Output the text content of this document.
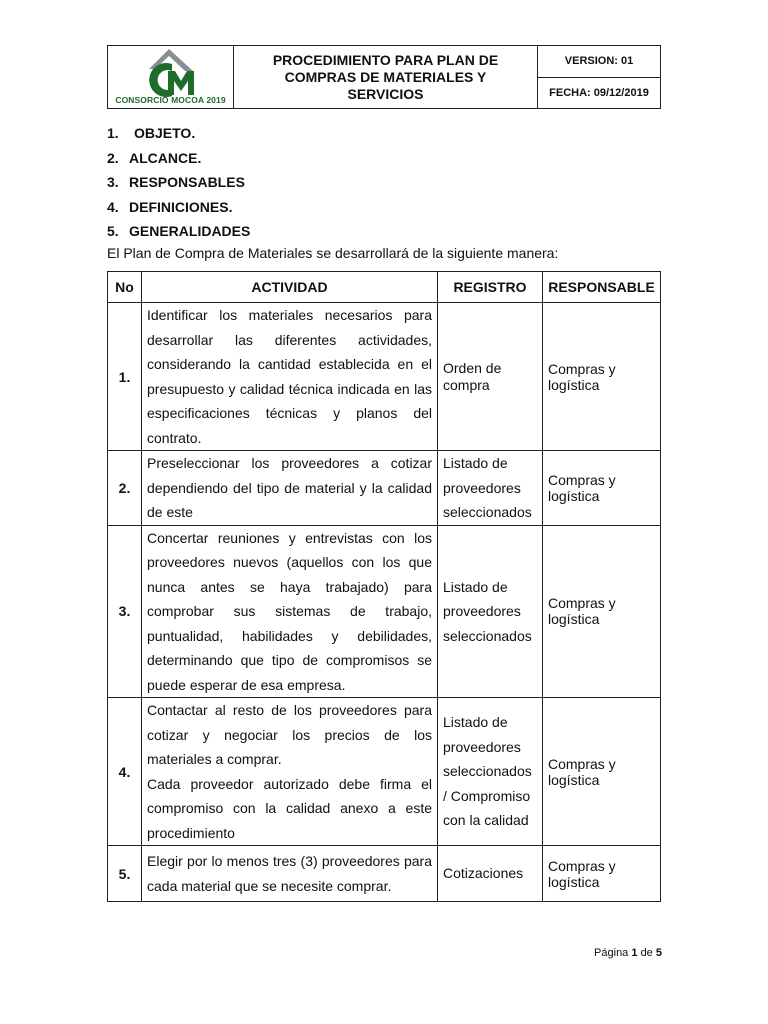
CONSORCIO MOCOA 2019
PROCEDIMIENTO PARA PLAN DE COMPRAS DE MATERIALES Y SERVICIOS
VERSION: 01
FECHA: 09/12/2019
1. OBJETO.
2. ALCANCE.
3. RESPONSABLES
4. DEFINICIONES.
5. GENERALIDADES
El Plan de Compra de Materiales se desarrollará de la siguiente manera:
No	ACTIVIDAD	REGISTRO	RESPONSABLE
1.	Identificar los materiales necesarios para desarrollar las diferentes actividades, considerando la cantidad establecida en el presupuesto y calidad técnica indicada en las especificaciones técnicas y planos del contrato.	Orden de compra	Compras y logística
2.	Preseleccionar los proveedores a cotizar dependiendo del tipo de material y la calidad de este	Listado de proveedores seleccionados	Compras y logística
3.	Concertar reuniones y entrevistas con los proveedores nuevos (aquellos con los que nunca antes se haya trabajado) para comprobar sus sistemas de trabajo, puntualidad, habilidades y debilidades, determinando que tipo de compromisos se puede esperar de esa empresa.	Listado de proveedores seleccionados	Compras y logística
4.	Contactar al resto de los proveedores para cotizar y negociar los precios de los materiales a comprar.
Cada proveedor autorizado debe firma el compromiso con la calidad anexo a este procedimiento	Listado de proveedores seleccionados / Compromiso con la calidad	Compras y logística
5.	Elegir por lo menos tres (3) proveedores para cada material que se necesite comprar.	Cotizaciones	Compras y logística
Página 1 de 5
